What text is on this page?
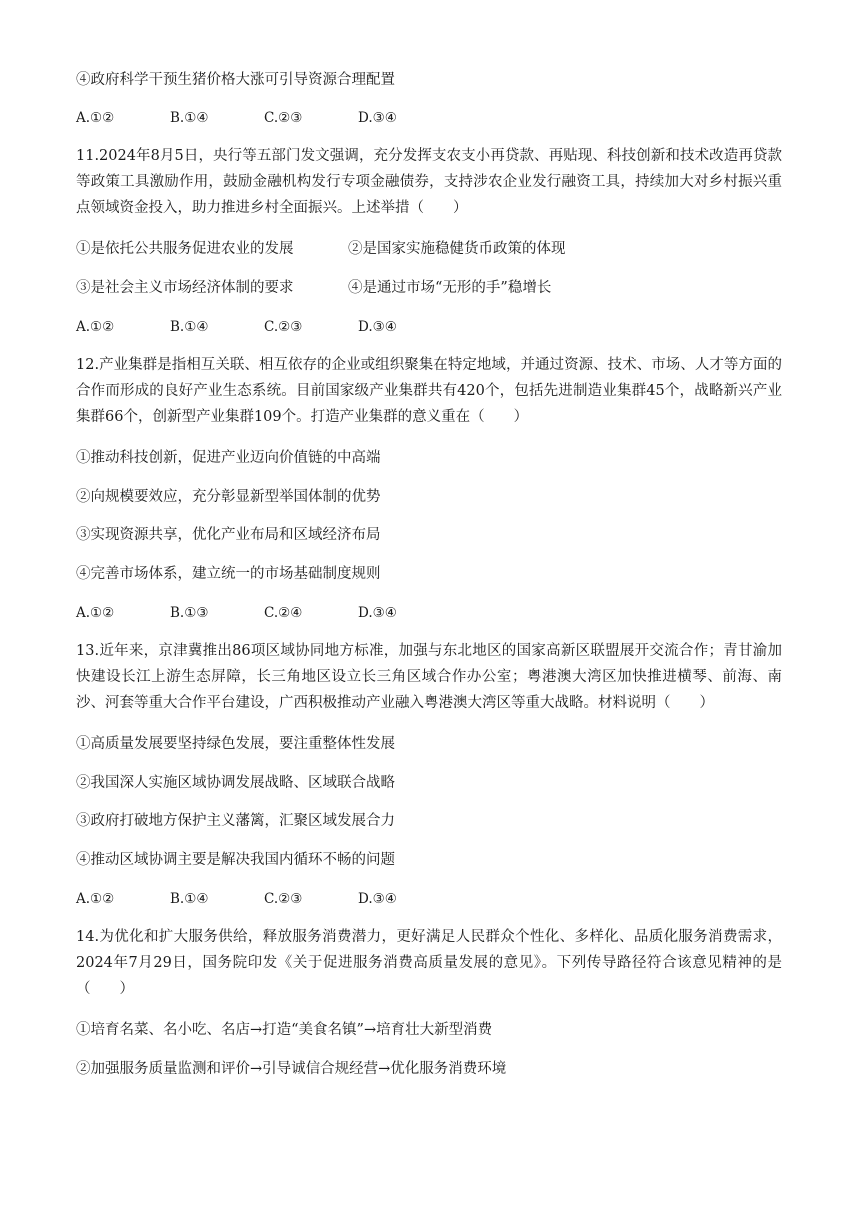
④政府科学干预生猪价格大涨可引导资源合理配置
A.①②	B.①④	C.②③	D.③④
11.2024年8月5日，央行等五部门发文强调，充分发挥支农支小再贷款、再贴现、科技创新和技术改造再贷款等政策工具激励作用，鼓励金融机构发行专项金融债券，支持涉农企业发行融资工具，持续加大对乡村振兴重点领域资金投入，助力推进乡村全面振兴。上述举措（　　）
①是依托公共服务促进农业的发展	②是国家实施稳健货币政策的体现
③是社会主义市场经济体制的要求	④是通过市场“无形的手”稳增长
A.①②	B.①④	C.②③	D.③④
12.产业集群是指相互关联、相互依存的企业或组织聚集在特定地域，并通过资源、技术、市场、人才等方面的合作而形成的良好产业生态系统。目前国家级产业集群共有420个，包括先进制造业集群45个，战略新兴产业集群66个，创新型产业集群109个。打造产业集群的意义重在（　　）
①推动科技创新，促进产业迈向价值链的中高端
②向规模要效应，充分彰显新型举国体制的优势
③实现资源共享，优化产业布局和区域经济布局
④完善市场体系，建立统一的市场基础制度规则
A.①②	B.①③	C.②④	D.③④
13.近年来，京津冀推出86项区域协同地方标准，加强与东北地区的国家高新区联盟展开交流合作；青甘渝加快建设长江上游生态屏障，长三角地区设立长三角区域合作办公室；粤港澳大湾区加快推进横琴、前海、南沙、河套等重大合作平台建设，广西积极推动产业融入粤港澳大湾区等重大战略。材料说明（　　）
①高质量发展要坚持绿色发展，要注重整体性发展
②我国深人实施区域协调发展战略、区域联合战略
③政府打破地方保护主义藩篱，汇聚区域发展合力
④推动区域协调主要是解决我国内循环不畅的问题
A.①②	B.①④	C.②③	D.③④
14.为优化和扩大服务供给，释放服务消费潜力，更好满足人民群众个性化、多样化、品质化服务消费需求，2024年7月29日，国务院印发《关于促进服务消费高质量发展的意见》。下列传导路径符合该意见精神的是（　　）
①培育名菜、名小吃、名店→打造“美食名镇”→培育壮大新型消费
②加强服务质量监测和评价→引导诚信合规经营→优化服务消费环境
